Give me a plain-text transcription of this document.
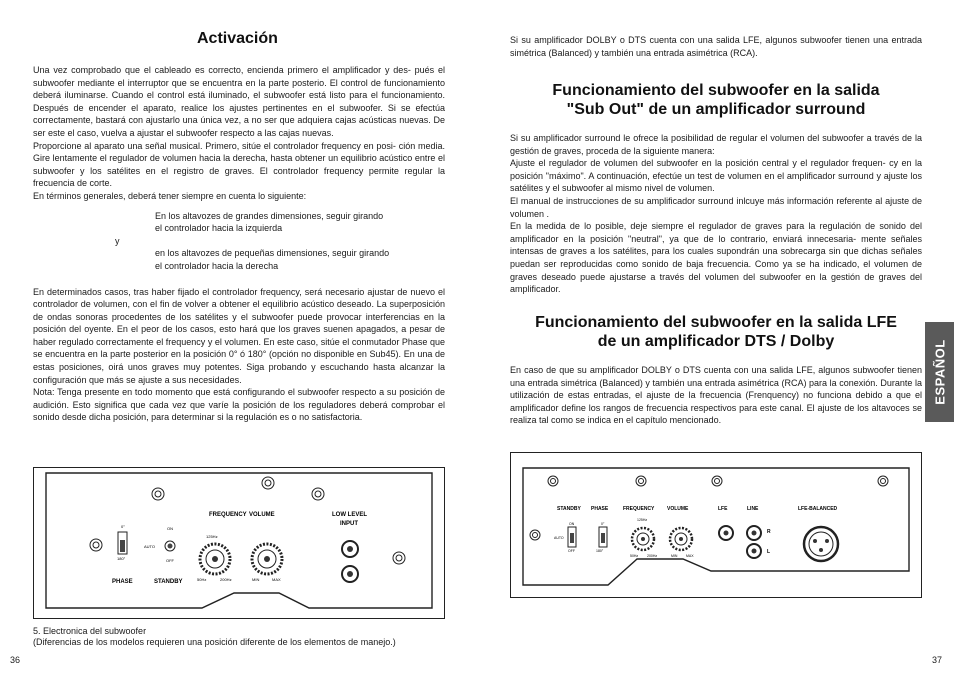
Activación

Una vez comprobado que el cableado es correcto, encienda primero el amplificador y des- pués el subwoofer mediante el interruptor que se encuentra en la parte posterio. El control de funcionamiento deberá iluminarse. Cuando el control está iluminado, el subwoofer está listo para el funcionamiento. Después de encender el aparato, realice los ajustes pertinentes en el subwoofer. Si se efectúa correctamente, bastará con ajustarlo una única vez, a no ser que adquiera cajas acústicas nuevas. De ser este el caso, vuelva a ajustar el subwoofer respecto a las cajas nuevas.

Proporcione al aparato una señal musical. Primero, sitúe el controlador frequency en posi- ción media. Gire lentamente el regulador de volumen hacia la derecha, hasta obtener un equilibrio acústico entre el subwoofer y los satélites en el registro de graves. El controlador frequency permite regular la frecuencia de corte.

En términos generales, deberá tener siempre en cuenta lo siguiente:

En los altavozes de grandes dimensiones, seguir girando
el controlador hacia la izquierda

y

en los altavozes de pequeñas dimensiones, seguir girando
el controlador hacia la derecha

En determinados casos, tras haber fijado el controlador frequency, será necesario ajustar de nuevo el controlador de volumen, con el fin de volver a obtener el equilibrio acústico deseado. La superposición de ondas sonoras procedentes de los satélites y el subwoofer puede provocar interferencias en la posición del oyente. En el peor de los casos, esto hará que los graves suenen apagados, a pesar de haber regulado correctamente el frequency y el volumen. En este caso, sitúe el conmutador Phase que se encuentra en la parte posterior en la posición 0° ó 180° (opción no disponible en Sub45). En una de estas posiciones, oirá unos graves muy potentes. Siga probando y escuchando hasta alcanzar la configuración que más se ajuste a sus necesidades.

Nota: Tenga presente en todo momento que está configurando el subwoofer respecto a su posición de audición. Esto significa que cada vez que varíe la posición de los reguladores deberá comprobar el sonido desde dicha posición, para determinar si la regulación es o no satisfactoria.

FREQUENCY VOLUME	LOW LEVEL
INPUT
PHASE	STANDBY
ON
AUTO
OFF
0°
180°
125Hz
50Hz	200Hz	MIN	MAX
5. Electronica del subwoofer
(Diferencias de los modelos requieren una posición diferente de los elementos de manejo.)
36
Si su amplificador DOLBY o DTS cuenta con una salida LFE, algunos subwoofer tienen una entrada simétrica (Balanced) y también una entrada asimétrica (RCA).
Funcionamiento del subwoofer en la salida
"Sub Out" de un amplificador surround
Si su amplificador surround le ofrece la posibilidad de regular el volumen del subwoofer a través de la gestión de graves, proceda de la siguiente manera:
Ajuste el regulador de volumen del subwoofer en la posición central y el regulador frequen- cy en la posición "máximo". A continuación, efectúe un test de volumen en el amplificador surround y ajuste los satélites y el subwoofer al mismo nivel de volumen.
El manual de instrucciones de su amplificador surround inlcuye más información referente al ajuste de volumen .
En la medida de lo posible, deje siempre el regulador de graves para la regulación de sonido del amplificador en la posición "neutral", ya que de lo contrario, enviará innecesaria- mente señales intensas de graves a los satélites, para los cuales supondrán una sobrecarga sin que dichas señales puedan ser reproducidas como sonido de baja frecuencia. Como ya se ha indicado, el volumen de graves deseado puede ajustarse a través del volumen del subwoofer en la gestión de graves del amplificador.
Funcionamiento del subwoofer en la salida LFE
de un amplificador DTS / Dolby
En caso de que su amplificador DOLBY o DTS cuenta con una salida LFE, algunos subwoofer tienen una entrada simétrica (Balanced) y también una entrada asimétrica (RCA) para la conexión. Durante la utilización de estas entradas, el ajuste de la frecuencia (Frenquency) no funciona debido a que el amplificador define los rangos de frecuencia respectivos para este canal. El ajuste de los altavoces se realiza tal como se indica en el capítulo mencionado.
STANDBY PHASE	FREQUENCY	VOLUME	LFE	LINE	LFE-BALANCED
R
L
ON
AUTO
OFF
0°
180°
125Hz
50Hz	200Hz	MIN MAX
37
ESPAÑOL
